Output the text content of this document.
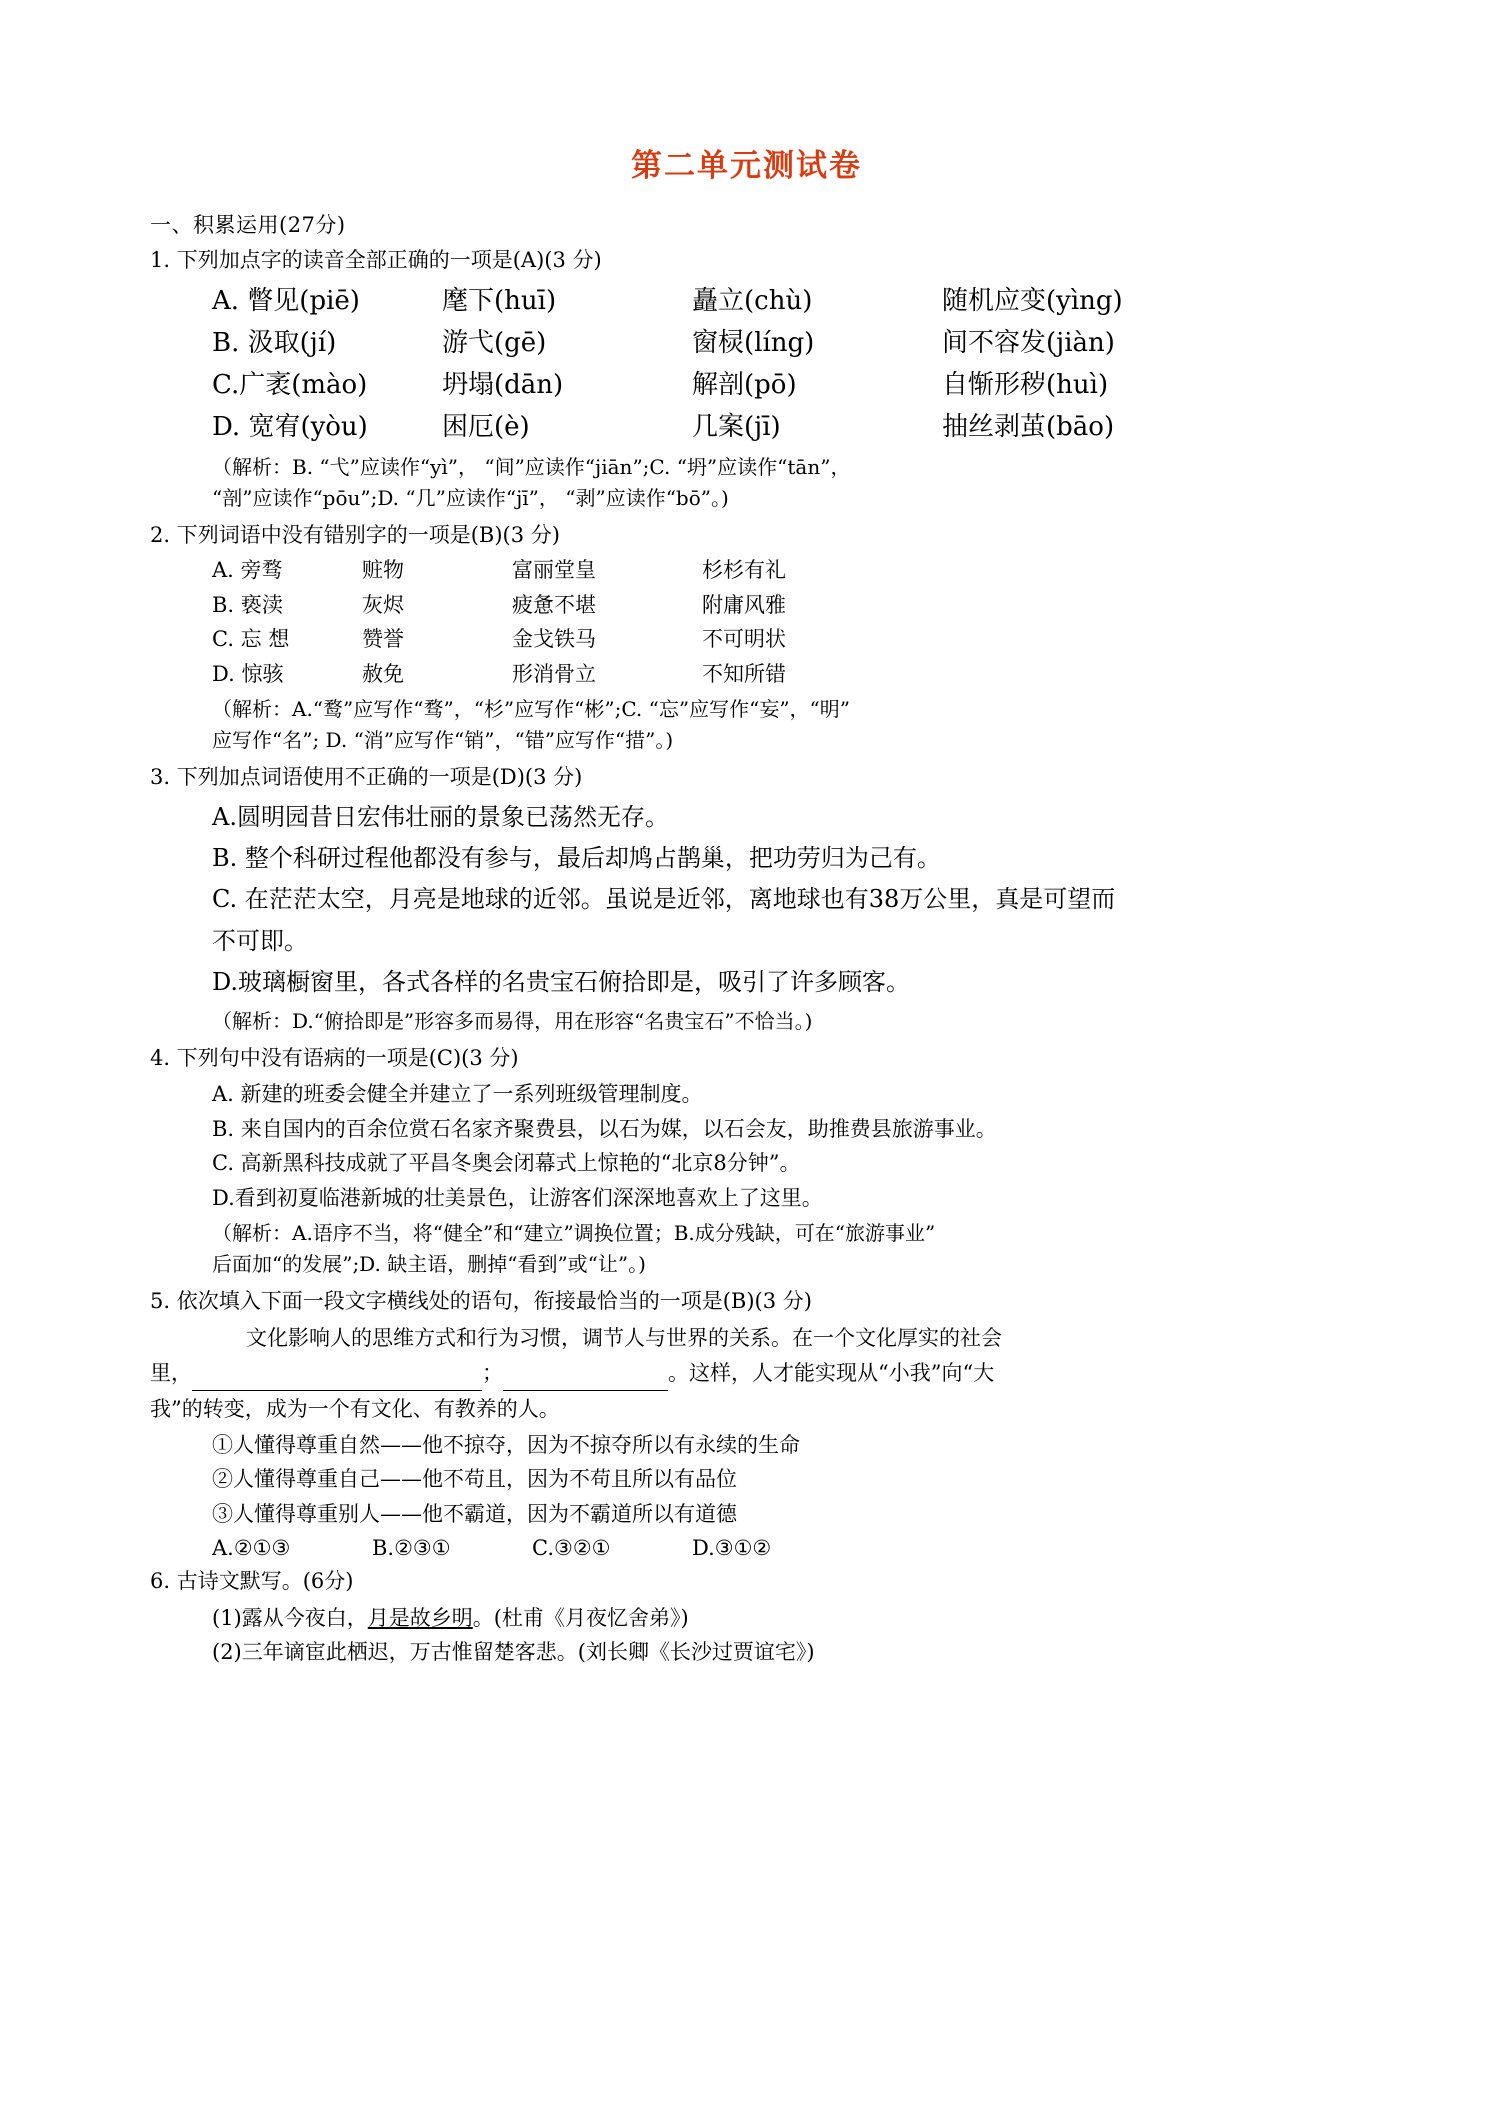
第二单元测试卷
一、积累运用(27分)
1. 下列加点字的读音全部正确的一项是(A)(3 分)
A. 瞥见(piē)	麾下(huī)	矗立(chù)	随机应变(yìng)
B. 汲取(jí)	游弋(gē)	窗棂(líng)	间不容发(jiàn)
C.广袤(mào)	坍塌(dān)	解剖(pō)	自惭形秽(huì)
D. 宽宥(yòu)	困厄(è)	几案(jī)	抽丝剥茧(bāo)
（解析：B. “弋”应读作“yì”， “间”应读作“jiān”;C. “坍”应读作“tān”，
“剖”应读作“pōu”;D. “几”应读作“jī”， “剥”应读作“bō”。)
2. 下列词语中没有错别字的一项是(B)(3 分)
A. 旁骛	赃物	富丽堂皇	杉杉有礼
B. 亵渎	灰烬	疲惫不堪	附庸风雅
C. 忘 想	赞誉	金戈铁马	不可明状
D. 惊骇	赦免	形消骨立	不知所错
（解析：A.“鹜”应写作“骛”，“杉”应写作“彬”;C. “忘”应写作“妄”，“明”
应写作“名”; D. “消”应写作“销”，“错”应写作“措”。)
3. 下列加点词语使用不正确的一项是(D)(3 分)
A.圆明园昔日宏伟壮丽的景象已荡然无存。
B. 整个科研过程他都没有参与，最后却鸠占鹊巢，把功劳归为己有。
C. 在茫茫太空，月亮是地球的近邻。虽说是近邻，离地球也有38万公里，真是可望而
不可即。
D.玻璃橱窗里，各式各样的名贵宝石俯拾即是，吸引了许多顾客。
（解析：D.“俯拾即是”形容多而易得，用在形容“名贵宝石”不恰当。)
4. 下列句中没有语病的一项是(C)(3 分)
A. 新建的班委会健全并建立了一系列班级管理制度。
B. 来自国内的百余位赏石名家齐聚费县，以石为媒，以石会友，助推费县旅游事业。
C. 高新黑科技成就了平昌冬奥会闭幕式上惊艳的“北京8分钟”。
D.看到初夏临港新城的壮美景色，让游客们深深地喜欢上了这里。
（解析：A.语序不当，将“健全”和“建立”调换位置；B.成分残缺，可在“旅游事业”
后面加“的发展”;D. 缺主语，删掉“看到”或“让”。)
5. 依次填入下面一段文字横线处的语句，衔接最恰当的一项是(B)(3 分)
文化影响人的思维方式和行为习惯，调节人与世界的关系。在一个文化厚实的社会
里，	；	。这样，人才能实现从“小我”向“大
我”的转变，成为一个有文化、有教养的人。
①人懂得尊重自然——他不掠夺，因为不掠夺所以有永续的生命
②人懂得尊重自己——他不苟且，因为不苟且所以有品位
③人懂得尊重别人——他不霸道，因为不霸道所以有道德
A.②①③	B.②③①	C.③②①	D.③①②
6. 古诗文默写。(6分)
(1)露从今夜白，月是故乡明。(杜甫《月夜忆舍弟》)
(2)三年谪宦此栖迟，万古惟留楚客悲。(刘长卿《长沙过贾谊宅》)
